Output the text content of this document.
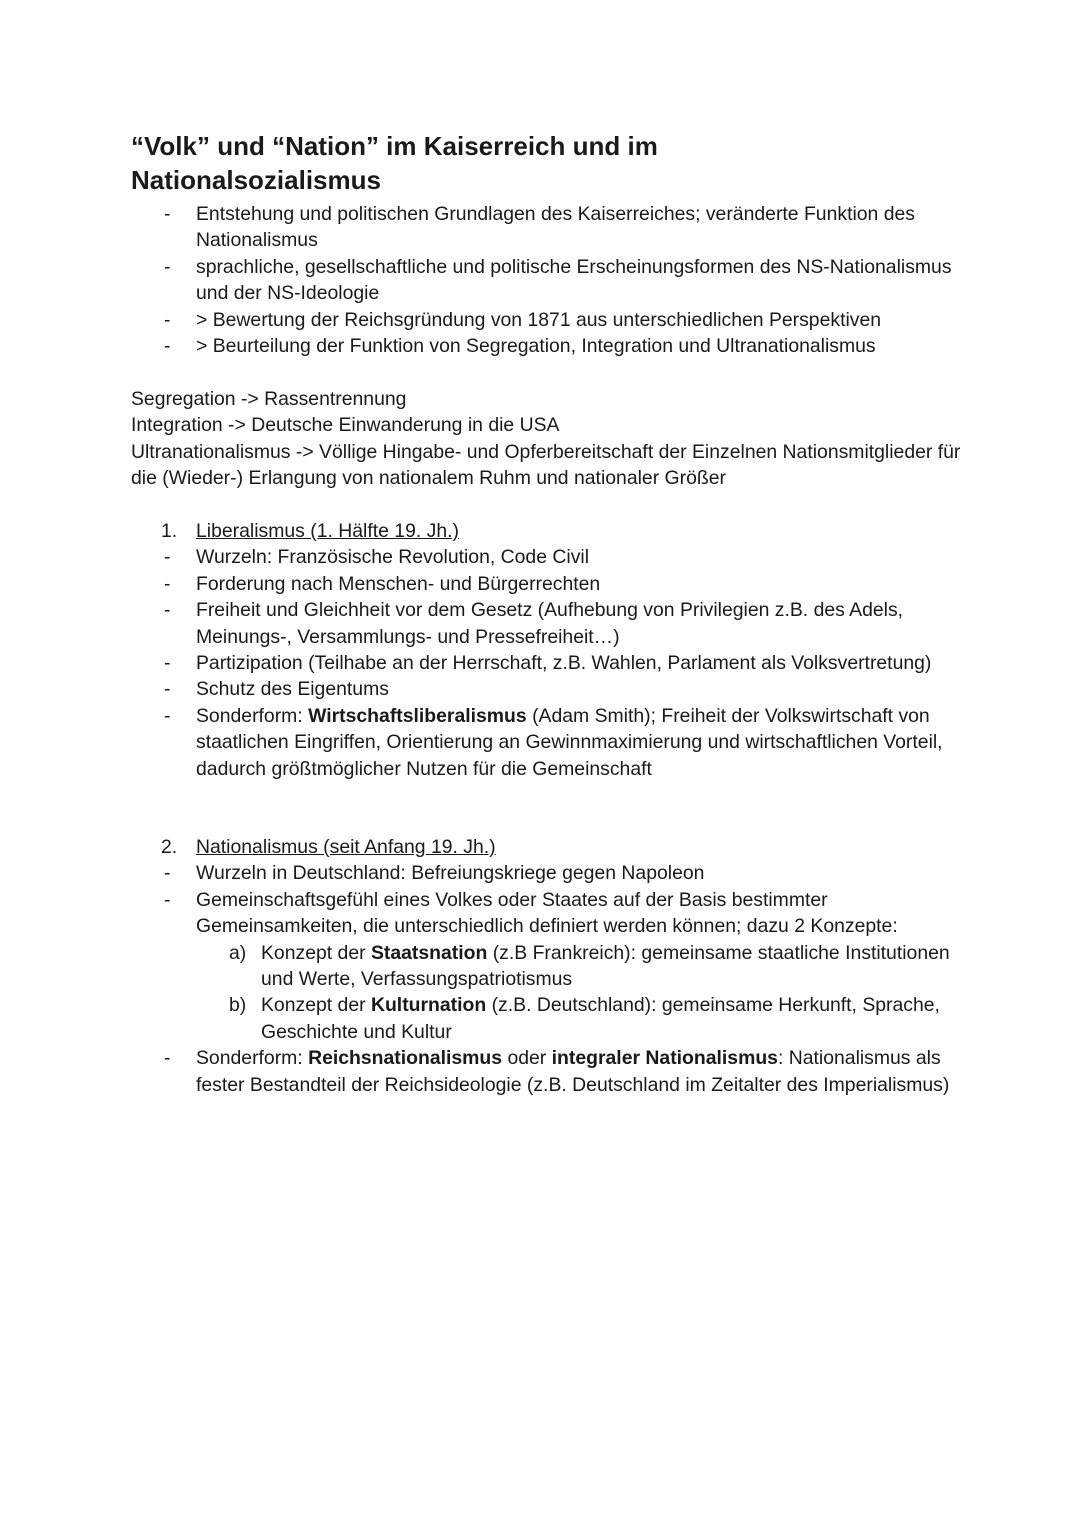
“Volk” und “Nation” im Kaiserreich und im
Nationalsozialismus
- Entstehung und politischen Grundlagen des Kaiserreiches; veränderte Funktion des Nationalismus
- sprachliche, gesellschaftliche und politische Erscheinungsformen des NS-Nationalismus und der NS-Ideologie
- > Bewertung der Reichsgründung von 1871 aus unterschiedlichen Perspektiven
- > Beurteilung der Funktion von Segregation, Integration und Ultranationalismus
Segregation -> Rassentrennung
Integration -> Deutsche Einwanderung in die USA
Ultranationalismus -> Völlige Hingabe- und Opferbereitschaft der Einzelnen Nationsmitglieder für die (Wieder-) Erlangung von nationalem Ruhm und nationaler Größer
1. Liberalismus (1. Hälfte 19. Jh.)
- Wurzeln: Französische Revolution, Code Civil
- Forderung nach Menschen- und Bürgerrechten
- Freiheit und Gleichheit vor dem Gesetz (Aufhebung von Privilegien z.B. des Adels, Meinungs-, Versammlungs- und Pressefreiheit…)
- Partizipation (Teilhabe an der Herrschaft, z.B. Wahlen, Parlament als Volksvertretung)
- Schutz des Eigentums
- Sonderform: Wirtschaftsliberalismus (Adam Smith); Freiheit der Volkswirtschaft von staatlichen Eingriffen, Orientierung an Gewinnmaximierung und wirtschaftlichen Vorteil, dadurch größtmöglicher Nutzen für die Gemeinschaft
2. Nationalismus (seit Anfang 19. Jh.)
- Wurzeln in Deutschland: Befreiungskriege gegen Napoleon
- Gemeinschaftsgefühl eines Volkes oder Staates auf der Basis bestimmter Gemeinsamkeiten, die unterschiedlich definiert werden können; dazu 2 Konzepte:
a) Konzept der Staatsnation (z.B Frankreich): gemeinsame staatliche Institutionen und Werte, Verfassungspatriotismus
b) Konzept der Kulturnation (z.B. Deutschland): gemeinsame Herkunft, Sprache, Geschichte und Kultur
- Sonderform: Reichsnationalismus oder integraler Nationalismus: Nationalismus als fester Bestandteil der Reichsideologie (z.B. Deutschland im Zeitalter des Imperialismus)
